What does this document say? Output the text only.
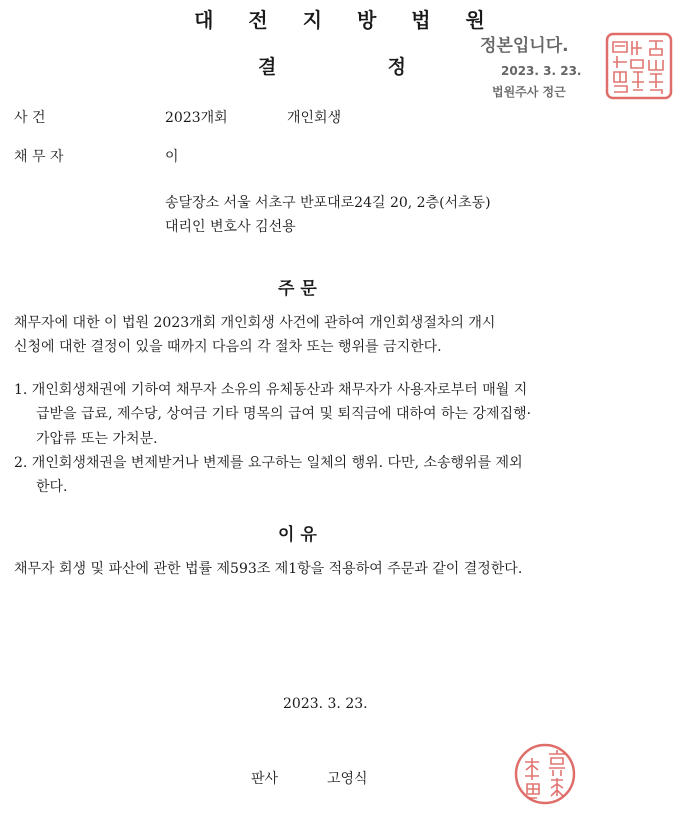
대 전 지 방 법 원
결	정
정본입니다.
2023. 3. 23.
법원주사 정근
사 건	2023개회	개인회생
채 무 자	이
송달장소 서울 서초구 반포대로24길 20, 2층(서초동)
대리인 변호사 김선용
주 문
채무자에 대한 이 법원 2023개회 개인회생 사건에 관하여 개인회생절차의 개시
신청에 대한 결정이 있을 때까지 다음의 각 절차 또는 행위를 금지한다.
1. 개인회생채권에 기하여 채무자 소유의 유체동산과 채무자가 사용자로부터 매월 지
급받을 급료, 제수당, 상여금 기타 명목의 급여 및 퇴직금에 대하여 하는 강제집행·
가압류 또는 가처분.
2. 개인회생채권을 변제받거나 변제를 요구하는 일체의 행위. 다만, 소송행위를 제외
한다.
이 유
채무자 회생 및 파산에 관한 법률 제593조 제1항을 적용하여 주문과 같이 결정한다.
2023. 3. 23.
판사	고영식
